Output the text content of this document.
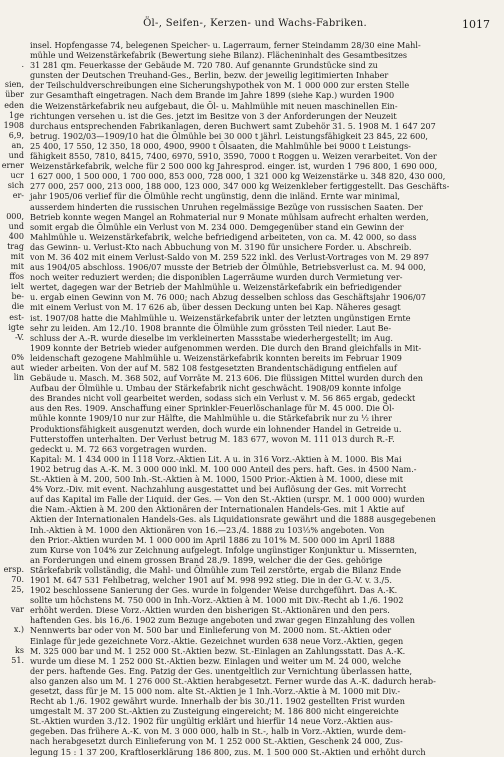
Öl-, Seifen-, Kerzen- und Wachs-Fabriken.	1017
.
sien,
über
eden
1ge
1908
6,9,
an,
und
erner
ucr
sich
er-
000,
und
400
trag
mit
mit
ffos
ielt
be-
die
est-
igte
-V.
0%
aut
lin
ersp.
70.
25,
var
x.)
ks
51.
insel. Hopfengasse 74, belegenen Speicher- u. Lagerraum, ferner Steindamm 28/30 eine Mahl-
mühle und Weizenstärkefabrik (Bewertung siehe Bilanz). Flächeninhalt des Gesamtbesitzes
31 281 qm. Feuerkasse der Gebäude M. 720 780. Auf genannte Grundstücke sind zu
gunsten der Deutschen Treuhand-Ges., Berlin, bezw. der jeweilig legitimierten Inhaber
der Teilschuldverschreibungen eine Sicherungshypothek von M. 1 000 000 zur ersten Stelle
zur Gesamthaft eingetragen. Nach dem Brande im Jahre 1899 (siehe Kap.) wurden 1900
die Weizenstärkefabrik neu aufgebaut, die Öl- u. Mahlmühle mit neuen maschinellen Ein-
richtungen versehen u. ist die Ges. jetzt im Besitze von 3 der Anforderungen der Neuzeit
durchaus entsprechenden Fabrikanlagen, deren Buchwert samt Zubehör 31. 5. 1908 M. 1 647 207
betrug. 1902/03—1909/10 hat die Ölmühle bei 30 000 t jährl. Leistungsfähigkeit 23 845, 22 600,
25 400, 17 550, 12 350, 18 000, 4900, 9900 t Ölsaaten, die Mahlmühle bei 9000 t Leistungs-
fähigkeit 8550, 7810, 8415, 7400, 6970, 5910, 3590, 7000 t Roggen u. Weizen verarbeitet. Von der
Weizenstärkefabrik, welche für 2 500 000 kg Jahresprod. einger. ist, wurden 1 796 800, 1 690 000,
1 627 000, 1 500 000, 1 700 000, 853 000, 728 000, 1 321 000 kg Weizenstärke u. 348 820, 430 000,
277 000, 257 000, 213 000, 188 000, 123 000, 347 000 kg Weizenkleber fertiggestellt. Das Geschäfts-
jahr 1905/06 verlief für die Ölmühle recht ungünstig, denn die inländ. Ernte war minimal,
ausserdem hinderten die russischen Unruhen regelmässige Bezüge von russischen Saaten. Der
Betrieb konnte wegen Mangel an Rohmaterial nur 9 Monate mühlsam aufrecht erhalten werden,
somit ergab die Ölmühle ein Verlust von M. 234 000. Demgegenüber stand ein Gewinn der
Mahlmühle u. Weizenstärkefabrik, welche befriedigend arbeiteten, von ca. M. 42 000, so dass
das Gewinn- u. Verlust-Kto nach Abbuchung von M. 3190 für unsichere Forder. u. Abschreib.
von M. 36 402 mit einem Verlust-Saldo von M. 259 522 inkl. des Verlust-Vortrages von M. 29 897
aus 1904/05 abschloss. 1906/07 musste der Betrieb der Ölmühle, Betriebsverlust ca. M. 94 000,
noch weiter reduziert werden; die disponiblen Lagerräume wurden durch Vermietung ver-
wertet, dagegen war der Betrieb der Mahlmühle u. Weizenstärkefabrik ein befriedigender
u. ergab einen Gewinn von M. 76 000; nach Abzug desselben schloss das Geschäftsjahr 1906/07
mit einem Verlust von M. 17 626 ab, über dessen Deckung unten bei Kap. Näheres gesagt
ist. 1907/08 hatte die Mahlmühle u. Weizenstärkefabrik unter der letzten ungünstigen Ernte
sehr zu leiden. Am 12./10. 1908 brannte die Ölmühle zum grössten Teil nieder. Laut Be-
schluss der A.-R. wurde dieselbe im verkleinerten Massstabe wiederhergestellt; im Aug.
1909 konnte der Betrieb wieder aufgenommen werden. Die durch den Brand gleichfalls in Mit-
leidenschaft gezogene Mahlmühle u. Weizenstärkefabrik konnten bereits im Februar 1909
wieder arbeiten. Von der auf M. 582 108 festgesetzten Brandentschädigung entfielen auf
Gebäude u. Masch. M. 368 502, auf Vorräte M. 213 606. Die flüssigen Mittel wurden durch den
Aufbau der Ölmühle u. Umbau der Stärkefabrik nicht geschwächt. 1908/09 konnte infolge
des Brandes nicht voll gearbeitet werden, sodass sich ein Verlust v. M. 56 865 ergab, gedeckt
aus den Res. 1909. Anschaffung einer Sprinkler-Feuerlöschanlage für M. 45 000. Die Öl-
mühle konnte 1909/10 nur zur Hälfte, die Mahlmühle u. die Stärkefabrik nur zu ½ ihrer
Produktionsfähigkeit ausgenutzt werden, doch wurde ein lohnender Handel in Getreide u.
Futterstoffen unterhalten. Der Verlust betrug M. 183 677, wovon M. 111 013 durch R.-F.
gedeckt u. M. 72 663 vorgetragen wurden.
Kapital: M. 1 434 000 in 1118 Vorz.-Aktien Lit. A u. in 316 Vorz.-Aktien à M. 1000. Bis Mai
1902 betrug das A.-K. M. 3 000 000 inkl. M. 100 000 Anteil des pers. haft. Ges. in 4500 Nam.-
St.-Aktien à M. 200, 500 Inh.-St.-Aktien à M. 1000, 1500 Prior.-Aktien à M. 1000, diese mit
4% Vorz.-Div. mit event. Nachzahlung ausgestattet und bei Auflösung der Ges. mit Vorrecht
auf das Kapital im Falle der Liquid. der Ges. — Von den St.-Aktien (urspr. M. 1 000 000) wurden
die Nam.-Aktien à M. 200 den Aktionären der Internationalen Handels-Ges. mit 1 Aktie auf
Aktien der Internationalen Handels-Ges. als Liquidationsrate gewährt und die 1888 ausgegebenen
Inh.-Aktien à M. 1000 den Aktionären von 16.—23./4. 1888 zu 103⅓% angeboten. Von
den Prior.-Aktien wurden M. 1 000 000 im April 1886 zu 101% M. 500 000 im April 1888
zum Kurse von 104% zur Zeichnung aufgelegt. Infolge ungünstiger Konjunktur u. Missernten,
an Forderungen und einem grossen Brand 28./9. 1899, welcher die der Ges. gehörige
Stärkefabrik vollständig, die Mahl- und Ölmühle zum Teil zerstörte, ergab die Bilanz Ende
1901 M. 647 531 Fehlbetrag, welcher 1901 auf M. 998 992 stieg. Die in der G.-V. v. 3./5.
1902 beschlossene Sanierung der Ges. wurde in folgender Weise durchgeführt. Das A.-K.
sollte um höchstens M. 750 000 in Inh.-Vorz.-Aktien à M. 1000 mit Div.-Recht ab 1./6. 1902
erhöht werden. Diese Vorz.-Aktien wurden den bisherigen St.-Aktionären und den pers.
haftenden Ges. bis 16./6. 1902 zum Bezuge angeboten und zwar gegen Einzahlung des vollen
Nennwerts bar oder von M. 500 bar und Einlieferung von M. 2000 nom. St.-Aktien oder
Einlage für jede gezeichnete Vorz.-Aktie. Gezeichnet wurden 638 neue Vorz.-Aktien, gegen
M. 325 000 bar und M. 1 252 000 St.-Aktien bezw. St.-Einlagen an Zahlungsstatt. Das A.-K.
wurde um diese M. 1 252 000 St.-Aktien bezw. Einlagen und weiter um M. 24 000, welche
der pers. haftende Ges. Eng. Patzig der Ges. unentgeltlich zur Vernichtung überlassen hatte,
also ganzen also um M. 1 276 000 St.-Aktien herabgesetzt. Ferner wurde das A.-K. dadurch herab-
gesetzt, dass für je M. 15 000 nom. alte St.-Aktien je 1 Inh.-Vorz.-Aktie à M. 1000 mit Div.-
Recht ab 1./6. 1902 gewährt wurde. Innerhalb der bis 30./11. 1902 gestellten Frist wurden
umgestalt M. 37 200 St.-Aktien zu Zusteigung eingereicht; M. 186 800 nicht eingereichte
St.-Aktien wurden 3./12. 1902 für ungültig erklärt und hierfür 14 neue Vorz.-Aktien aus-
gegeben. Das frühere A.-K. von M. 3 000 000, halb in St.-, halb in Vorz.-Aktien, wurde dem-
nach herabgesetzt durch Einlieferung von M. 1 252 000 St.-Aktien, Geschenk 24 000, Zus-
legung 15 : 1 37 200, Kraftloserklärung 186 800, zus. M. 1 500 000 St.-Aktien und erhöht durch
